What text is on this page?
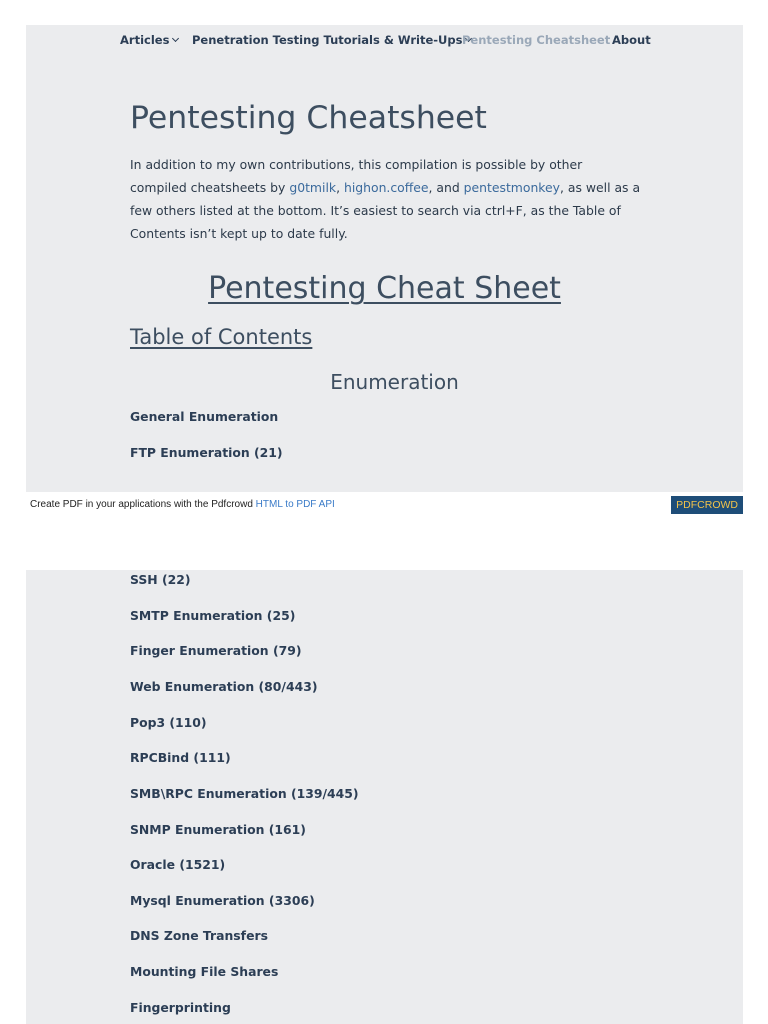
Articles	Penetration Testing Tutorials & Write-Ups Pentesting Cheatsheet About
Pentesting Cheatsheet

In addition to my own contributions, this compilation is possible by other compiled cheatsheets by g0tmilk, highon.coffee, and pentestmonkey, as well as a few others listed at the bottom. It’s easiest to search via ctrl+F, as the Table of Contents isn’t kept up to date fully.

Pentesting Cheat Sheet
Table of Contents
Enumeration
General Enumeration
FTP Enumeration (21)
Create PDF in your applications with the Pdfcrowd HTML to PDF API	PDFCROWD
SSH (22)
SMTP Enumeration (25)
Finger Enumeration (79)
Web Enumeration (80/443)
Pop3 (110)
RPCBind (111)
SMB\RPC Enumeration (139/445)
SNMP Enumeration (161)
Oracle (1521)
Mysql Enumeration (3306)
DNS Zone Transfers
Mounting File Shares
Fingerprinting
